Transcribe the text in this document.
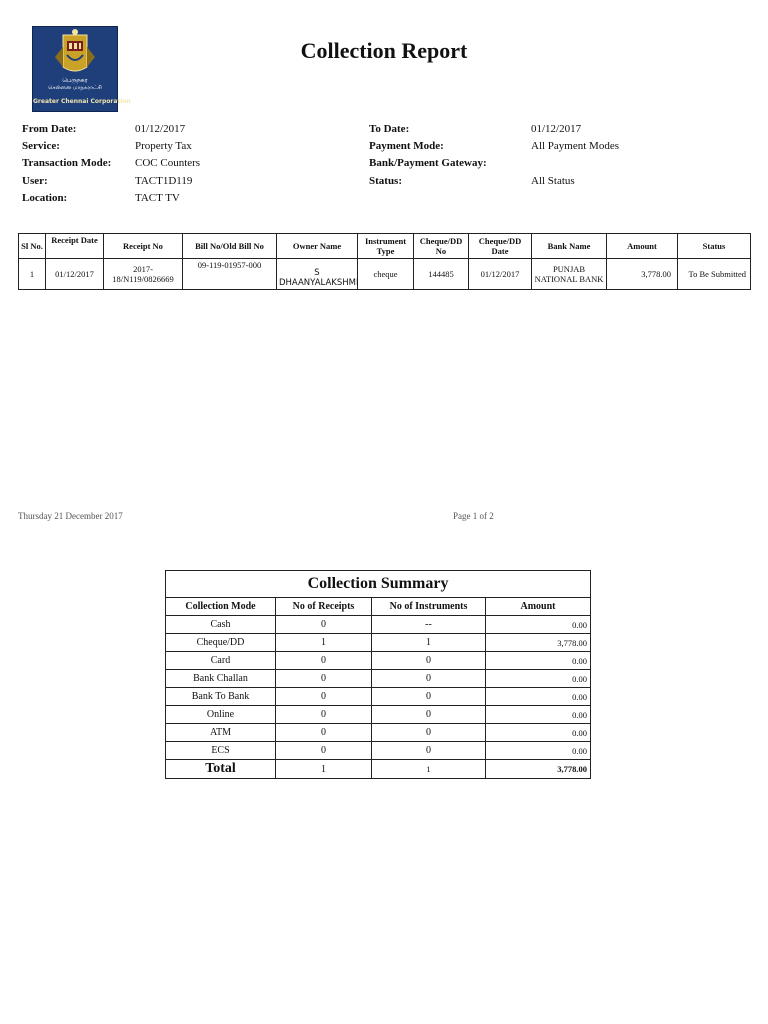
பெருநகர
சென்னை மாநகராட்சி
Greater Chennai Corporation
Collection Report
From Date:	01/12/2017
Service:	Property Tax
Transaction Mode: COC Counters
User:	TACT1D119
Location:	TACT TV
To Date:	01/12/2017
Payment Mode:	All Payment Modes
Bank/Payment Gateway:
Status:	All Status
Sl No.	Receipt Date	Receipt No	Bill No/Old Bill No	Owner Name	Instrument Type	Cheque/DD No	Cheque/DD Date	Bank Name	Amount	Status
1	01/12/2017	2017-18/N119/0826669	09-119-01957-000	S DHAANYALAKSHMI	cheque	144485	01/12/2017	PUNJAB NATIONAL BANK	3,778.00	To Be Submitted
Thursday 21 December 2017	Page 1 of 2
Collection Summary			
Collection Mode	No of Receipts	No of Instruments	Amount
Cash	0	--	0.00
Cheque/DD	1	1	3,778.00
Card	0	0	0.00
Bank Challan	0	0	0.00
Bank To Bank	0	0	0.00
Online	0	0	0.00
ATM	0	0	0.00
ECS	0	0	0.00
Total	1	1	3,778.00
